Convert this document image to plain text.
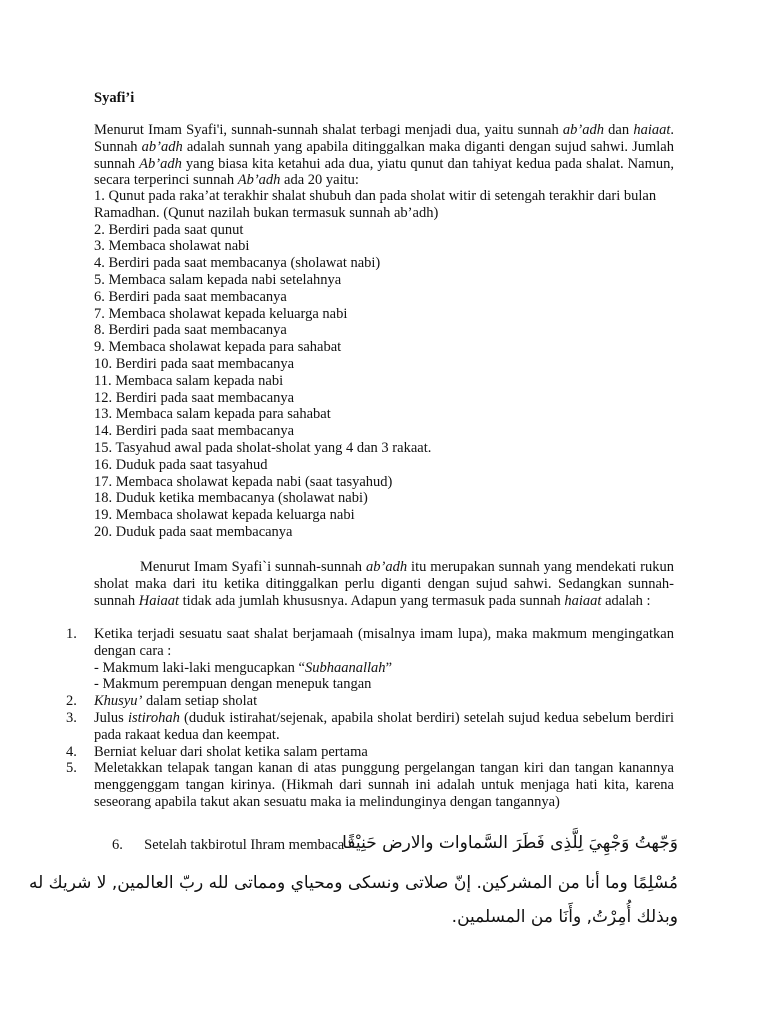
Syafi’i

Menurut Imam Syafi'i, sunnah-sunnah shalat terbagi menjadi dua, yaitu sunnah ab’adh dan haiaat. Sunnah ab’adh adalah sunnah yang apabila ditinggalkan maka diganti dengan sujud sahwi. Jumlah sunnah Ab’adh yang biasa kita ketahui ada dua, yiatu qunut dan tahiyat kedua pada shalat. Namun, secara terperinci sunnah Ab’adh ada 20 yaitu:

1. Qunut pada raka’at terakhir shalat shubuh dan pada sholat witir di setengah terakhir dari bulan Ramadhan. (Qunut nazilah bukan termasuk sunnah ab’adh)
2. Berdiri pada saat qunut
3. Membaca sholawat nabi
4. Berdiri pada saat membacanya (sholawat nabi)
5. Membaca salam kepada nabi setelahnya
6. Berdiri pada saat membacanya
7. Membaca sholawat kepada keluarga nabi
8. Berdiri pada saat membacanya
9. Membaca sholawat kepada para sahabat
10. Berdiri pada saat membacanya
11. Membaca salam kepada nabi
12. Berdiri pada saat membacanya
13. Membaca salam kepada para sahabat
14. Berdiri pada saat membacanya
15. Tasyahud awal pada sholat-sholat yang 4 dan 3 rakaat.
16. Duduk pada saat tasyahud
17. Membaca sholawat kepada nabi (saat tasyahud)
18. Duduk ketika membacanya (sholawat nabi)
19. Membaca sholawat kepada keluarga nabi
20. Duduk pada saat membacanya

Menurut Imam Syafi`i sunnah-sunnah ab’adh itu merupakan sunnah yang mendekati rukun sholat maka dari itu ketika ditinggalkan perlu diganti dengan sujud sahwi. Sedangkan sunnah-sunnah Haiaat tidak ada jumlah khususnya. Adapun yang termasuk pada sunnah haiaat adalah :

1. Ketika terjadi sesuatu saat shalat berjamaah (misalnya imam lupa), maka makmum mengingatkan dengan cara :
- Makmum laki-laki mengucapkan “Subhaanallah”
- Makmum perempuan dengan menepuk tangan
2. Khusyu’ dalam setiap sholat
3. Julus istirohah (duduk istirahat/sejenak, apabila sholat berdiri) setelah sujud kedua sebelum berdiri pada rakaat kedua dan keempat.
4. Berniat keluar dari sholat ketika salam pertama
5. Meletakkan telapak tangan kanan di atas punggung pergelangan tangan kiri dan tangan kanannya menggenggam tangan kirinya. (Hikmah dari sunnah ini adalah untuk menjaga hati kita, karena seseorang apabila takut akan sesuatu maka ia melindunginya dengan tangannya)
6. Setelah takbirotul Ihram membaca “
وَجّهتُ وَجْهِيَ لِلَّذِى فَطَرَ السَّماوات والارض حَنِيْفًا
مُسْلِمًا وما أنا من المشركين. إنّ صلاتى ونسكى ومحياي ومماتى لله ربّ العالمين, لا شريك له
وبذلك أُمِرْتُ, وأَنَا من المسلمين.
